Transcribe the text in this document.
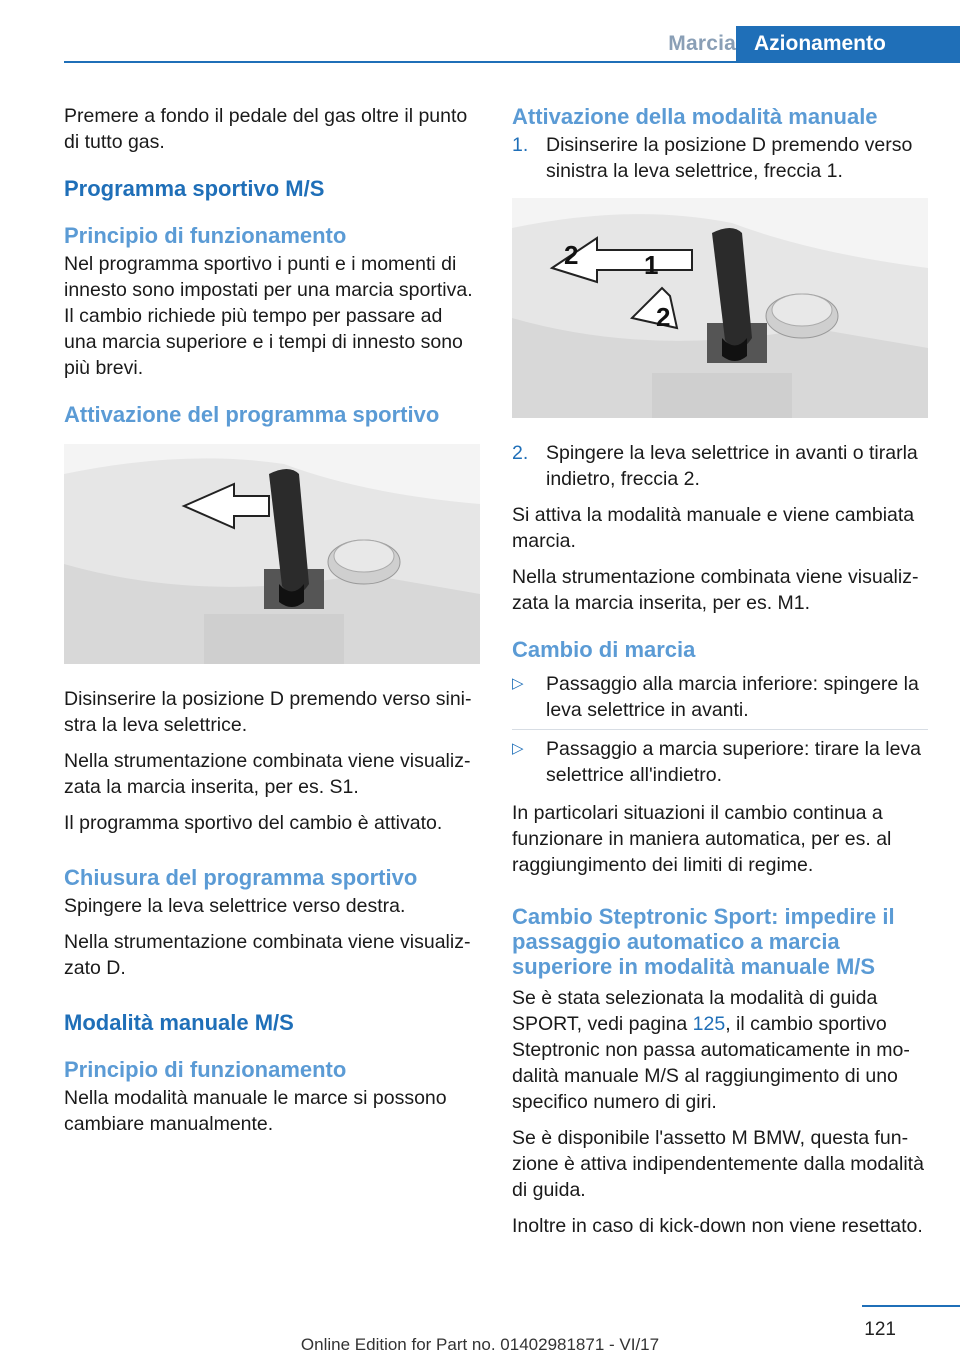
Marcia Azionamento

Premere a fondo il pedale del gas oltre il punto di tutto gas.

Programma sportivo M/S
Principio di funzionamento

Nel programma sportivo i punti e i momenti di innesto sono impostati per una marcia sportiva. Il cambio richiede più tempo per passare ad una marcia superiore e i tempi di innesto sono più brevi.

Attivazione del programma sportivo

Disinserire la posizione D premendo verso sinistra la leva selettrice.

Nella strumentazione combinata viene visualizzata la marcia inserita, per es. S1.

Il programma sportivo del cambio è attivato.

Chiusura del programma sportivo

Spingere la leva selettrice verso destra.

Nella strumentazione combinata viene visualizzato D.

Modalità manuale M/S
Principio di funzionamento

Nella modalità manuale le marce si possono cambiare manualmente.

Attivazione della modalità manuale
1. Disinserire la posizione D premendo verso sinistra la leva selettrice, freccia 1.
1
2
2
2. Spingere la leva selettrice in avanti o tirarla indietro, freccia 2.

Si attiva la modalità manuale e viene cambiata marcia.

Nella strumentazione combinata viene visualizzata la marcia inserita, per es. M1.

Cambio di marcia
▷	Passaggio alla marcia inferiore: spingere la leva selettrice in avanti.
▷	Passaggio a marcia superiore: tirare la leva selettrice all'indietro.

In particolari situazioni il cambio continua a funzionare in maniera automatica, per es. al raggiungimento dei limiti di regime.

Cambio Steptronic Sport: impedire il passaggio automatico a marcia superiore in modalità manuale M/S

Se è stata selezionata la modalità di guida SPORT, vedi pagina 125, il cambio sportivo Steptronic non passa automaticamente in modalità manuale M/S al raggiungimento di uno specifico numero di giri.

Se è disponibile l'assetto M BMW, questa funzione è attiva indipendentemente dalla modalità di guida.

Inoltre in caso di kick-down non viene resettato.

121
Online Edition for Part no. 01402981871 - VI/17
